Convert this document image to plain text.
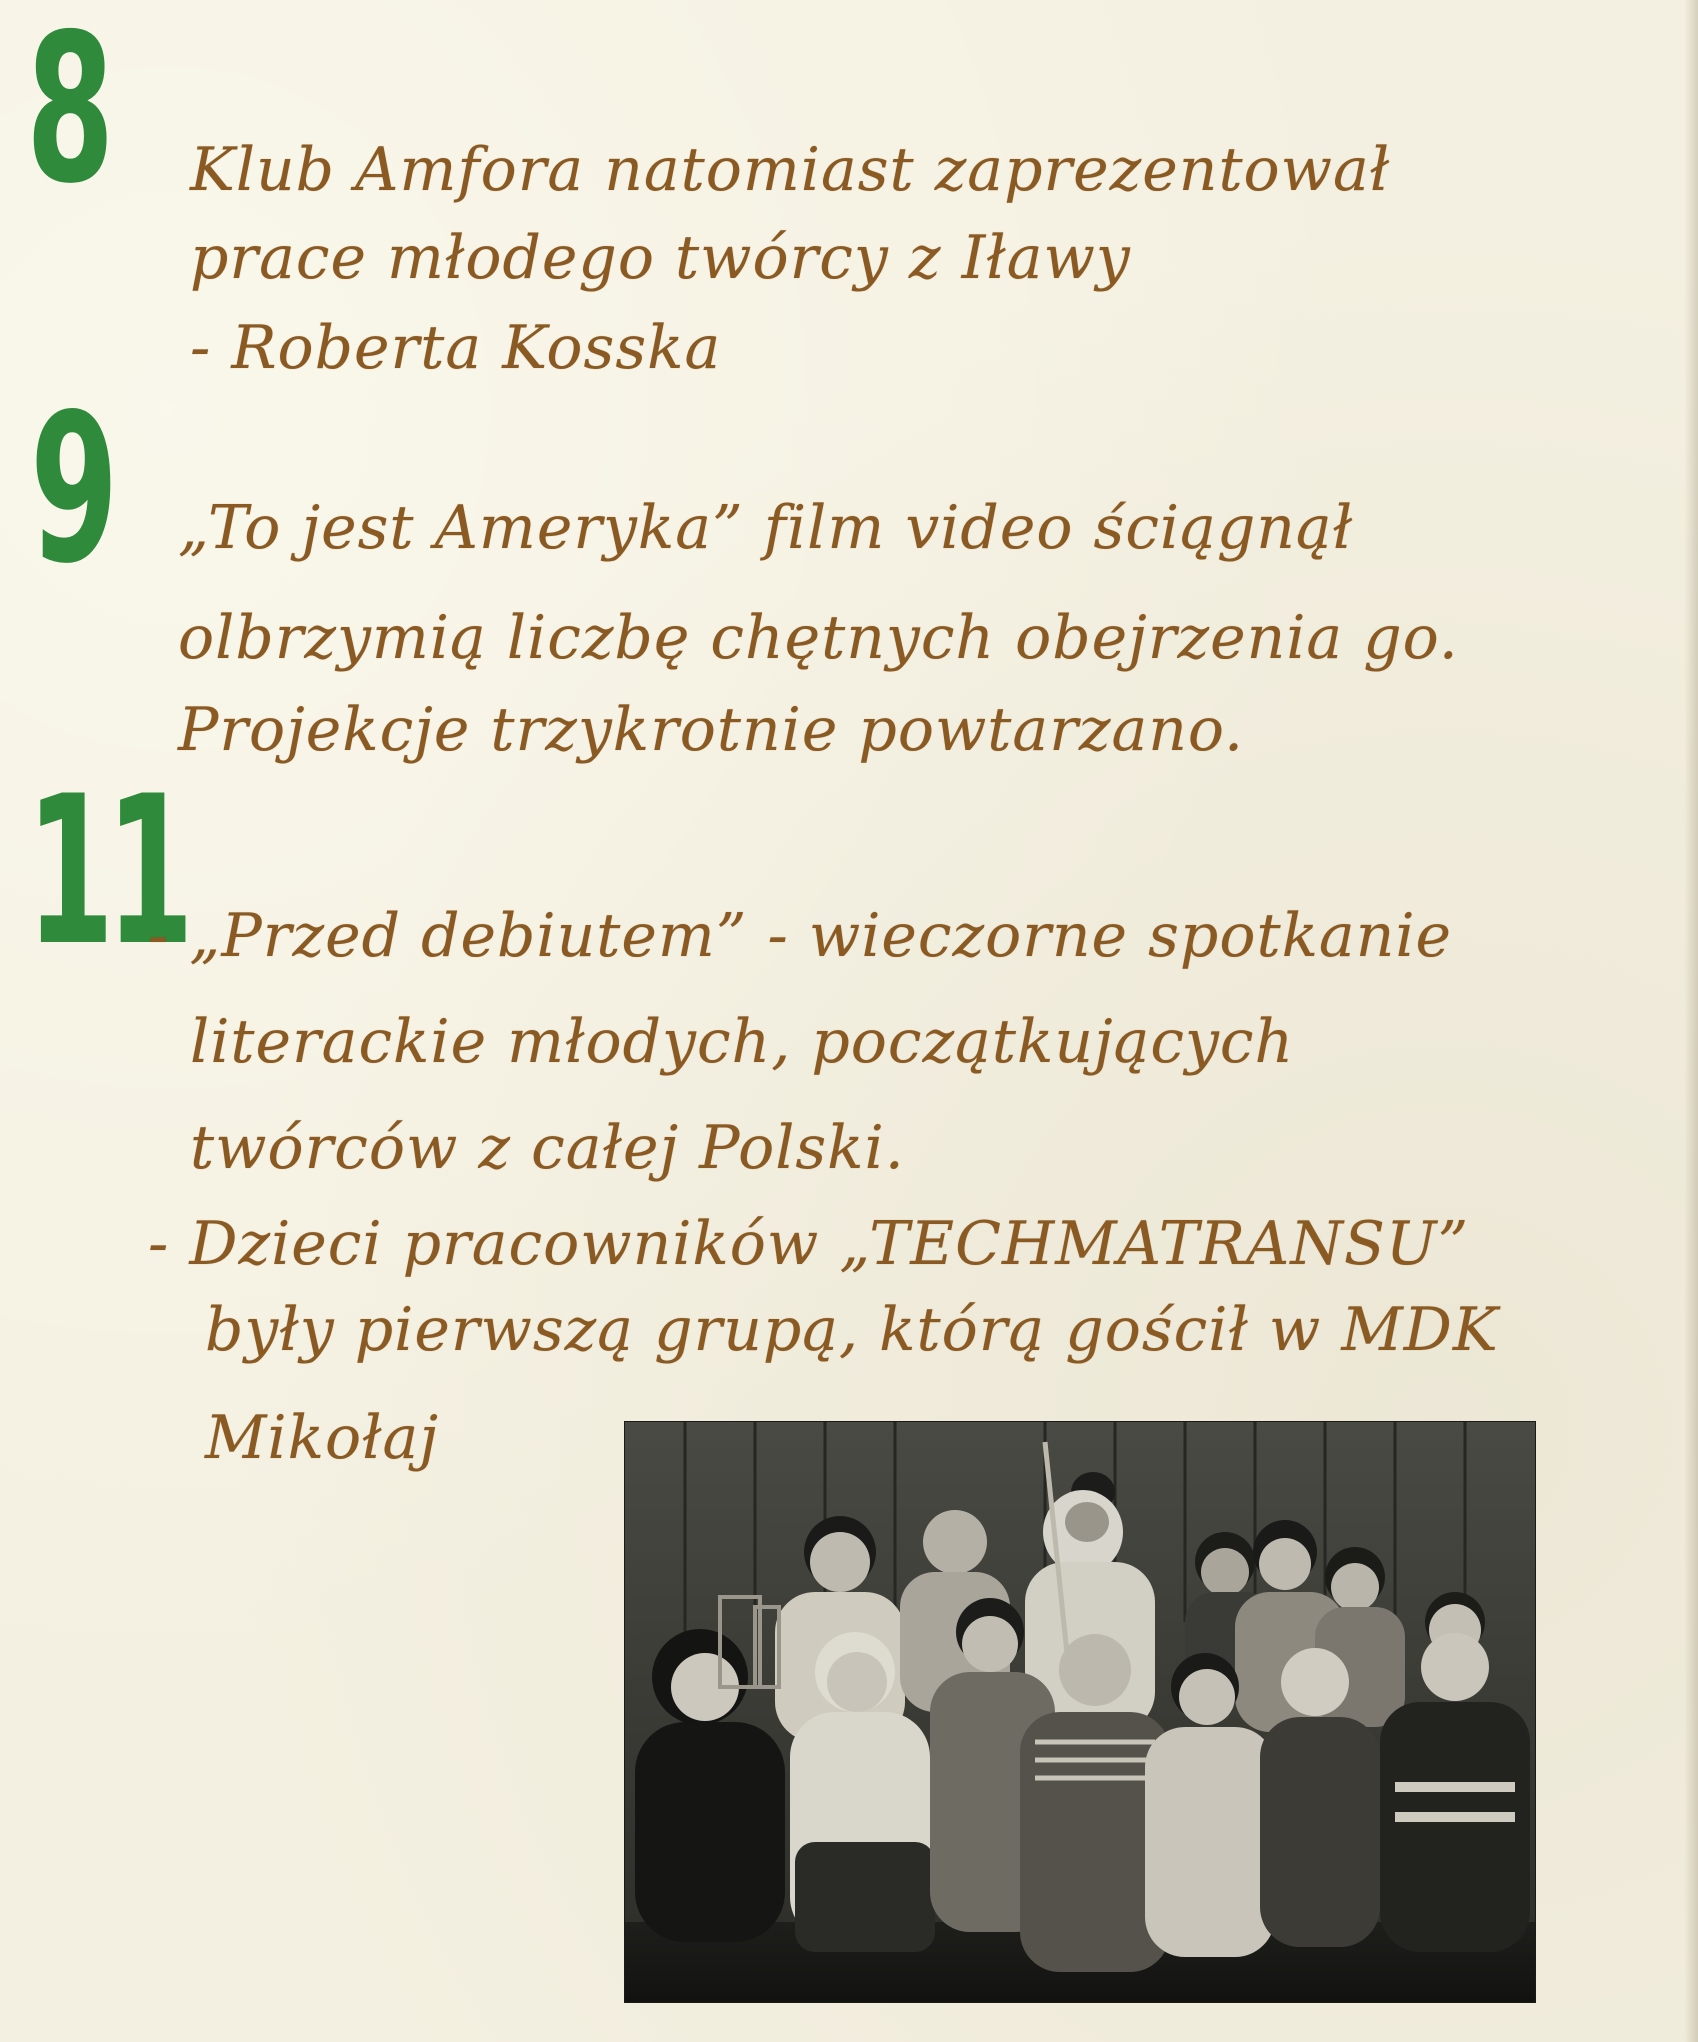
8 Klub Amfora natomiast zaprezentował
prace młodego twórcy z Iławy
- Roberta Kosska
9 „To jest Ameryka” film video ściągnął
olbrzymią liczbę chętnych obejrzenia go.
Projekcje trzykrotnie powtarzano.
11
- „Przed debiutem” - wieczorne spotkanie
literackie młodych, początkujących
twórców z całej Polski.
- Dzieci pracowników „TECHMATRANSU”
były pierwszą grupą, którą gościł w MDK
Mikołaj
